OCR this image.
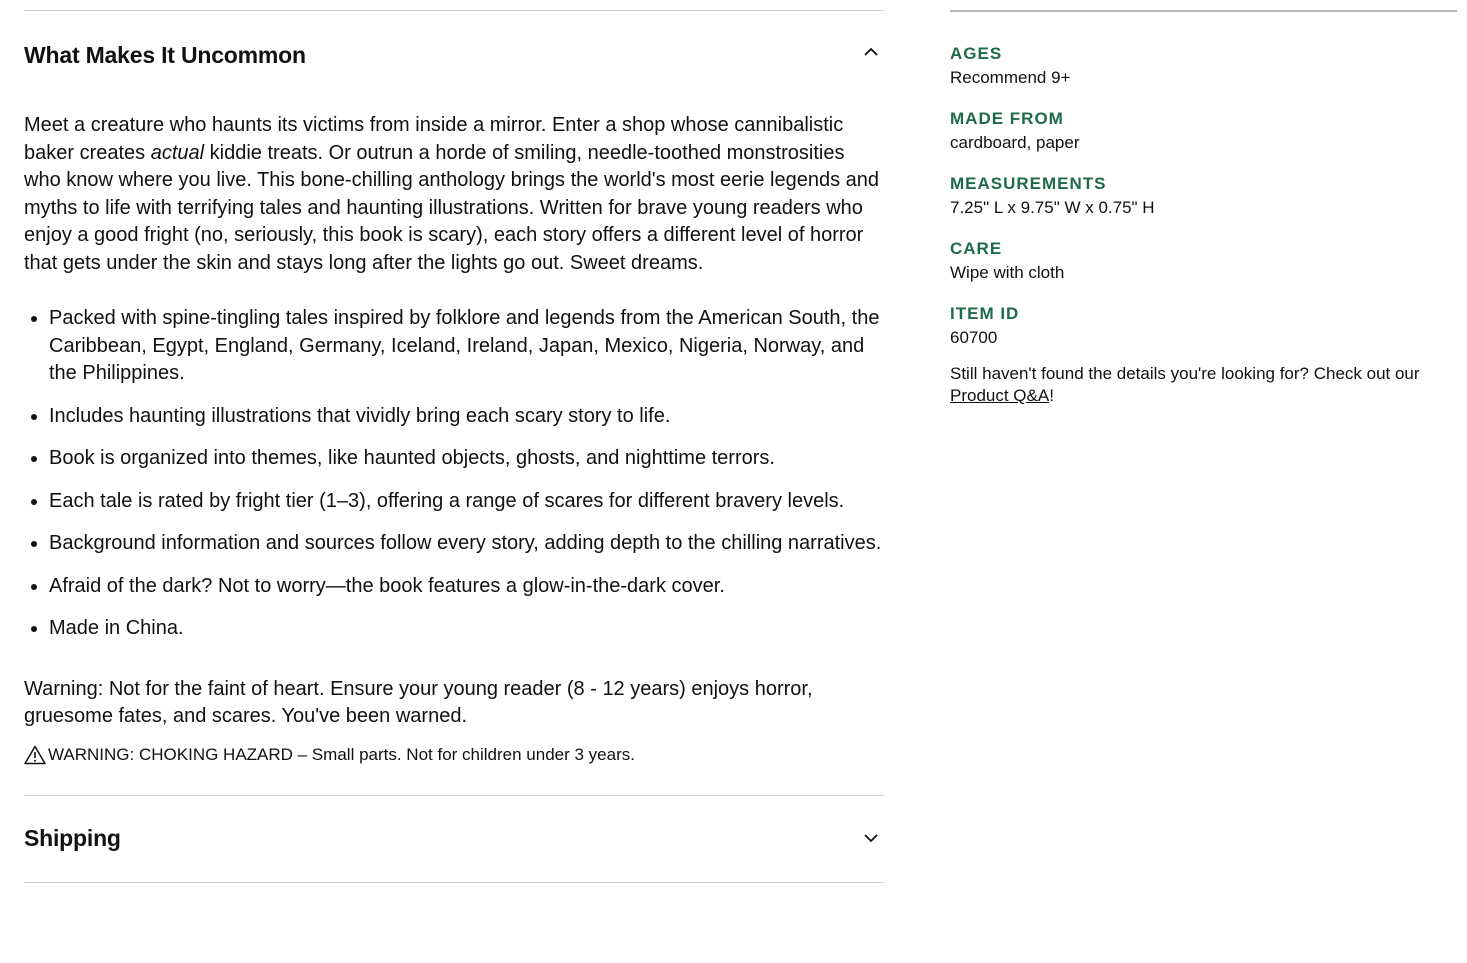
What Makes It Uncommon

Meet a creature who haunts its victims from inside a mirror. Enter a shop whose cannibalistic baker creates actual kiddie treats. Or outrun a horde of smiling, needle-toothed monstrosities who know where you live. This bone-chilling anthology brings the world's most eerie legends and myths to life with terrifying tales and haunting illustrations. Written for brave young readers who enjoy a good fright (no, seriously, this book is scary), each story offers a different level of horror that gets under the skin and stays long after the lights go out. Sweet dreams.

• Packed with spine-tingling tales inspired by folklore and legends from the American South, the Caribbean, Egypt, England, Germany, Iceland, Ireland, Japan, Mexico, Nigeria, Norway, and the Philippines.
• Includes haunting illustrations that vividly bring each scary story to life.
• Book is organized into themes, like haunted objects, ghosts, and nighttime terrors.
• Each tale is rated by fright tier (1–3), offering a range of scares for different bravery levels.
• Background information and sources follow every story, adding depth to the chilling narratives.
• Afraid of the dark? Not to worry—the book features a glow-in-the-dark cover.
• Made in China.
Warning: Not for the faint of heart. Ensure your young reader (8 - 12 years) enjoys horror, gruesome fates, and scares. You've been warned.
WARNING: CHOKING HAZARD – Small parts. Not for children under 3 years.
Shipping
AGES
Recommend 9+
MADE FROM
cardboard, paper
MEASUREMENTS
7.25" L x 9.75" W x 0.75" H
CARE
Wipe with cloth
ITEM ID
60700
Still haven't found the details you're looking for? Check out our Product Q&A!
